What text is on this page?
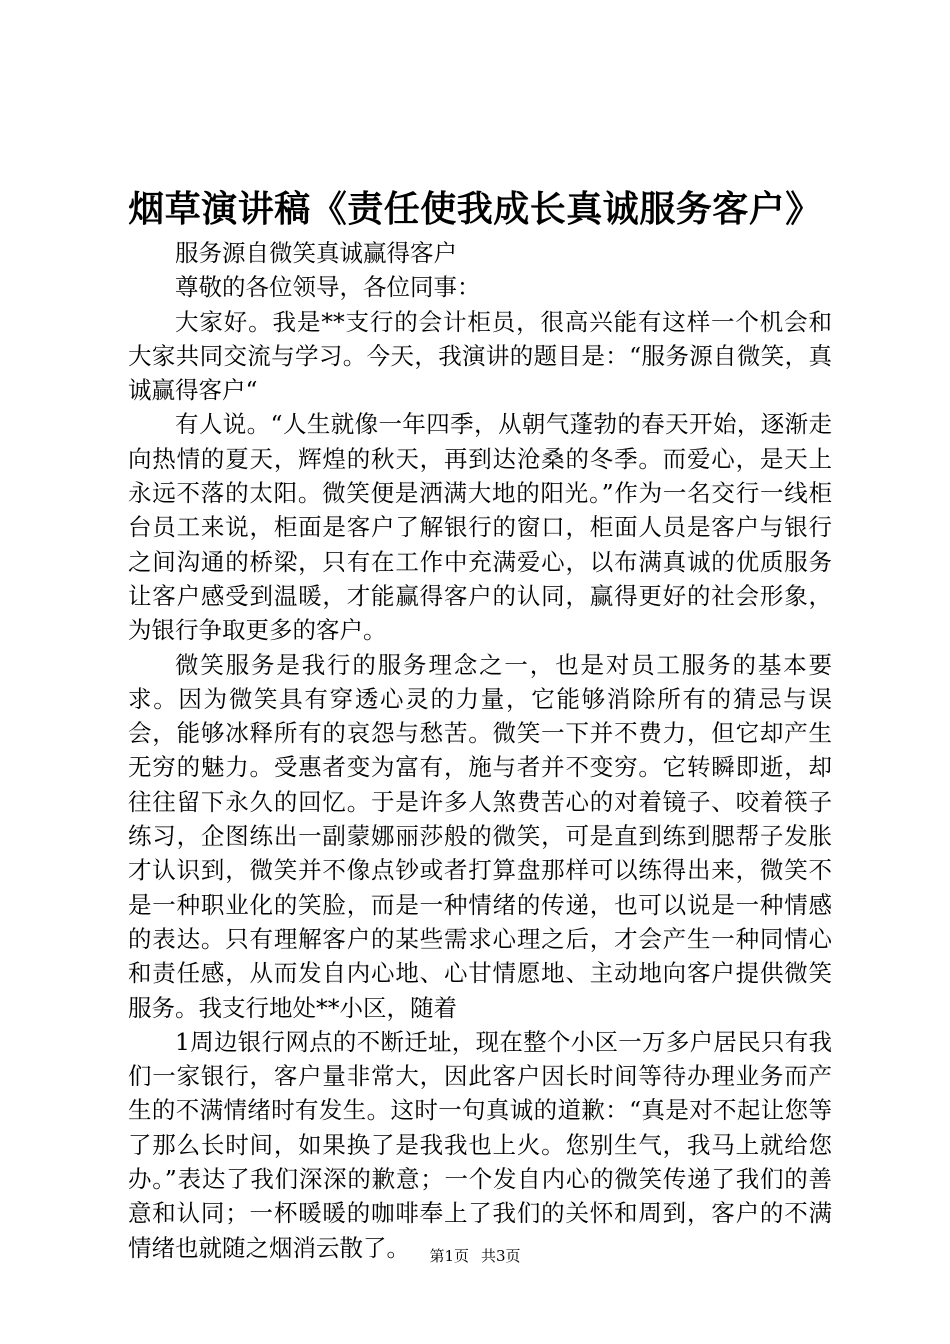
烟草演讲稿《责任使我成长真诚服务客户》

服务源自微笑真诚赢得客户

尊敬的各位领导，各位同事：

大家好。我是**支行的会计柜员，很高兴能有这样一个机会和大家共同交流与学习。今天，我演讲的题目是：“服务源自微笑，真诚赢得客户“

有人说。“人生就像一年四季，从朝气蓬勃的春天开始，逐渐走向热情的夏天，辉煌的秋天，再到达沧桑的冬季。而爱心，是天上永远不落的太阳。微笑便是洒满大地的阳光。”作为一名交行一线柜台员工来说，柜面是客户了解银行的窗口，柜面人员是客户与银行之间沟通的桥梁，只有在工作中充满爱心，以布满真诚的优质服务让客户感受到温暖，才能赢得客户的认同，赢得更好的社会形象，为银行争取更多的客户。

微笑服务是我行的服务理念之一，也是对员工服务的基本要求。因为微笑具有穿透心灵的力量，它能够消除所有的猜忌与误会，能够冰释所有的哀怨与愁苦。微笑一下并不费力，但它却产生无穷的魅力。受惠者变为富有，施与者并不变穷。它转瞬即逝，却往往留下永久的回忆。于是许多人煞费苦心的对着镜子、咬着筷子练习，企图练出一副蒙娜丽莎般的微笑，可是直到练到腮帮子发胀才认识到，微笑并不像点钞或者打算盘那样可以练得出来，微笑不是一种职业化的笑脸，而是一种情绪的传递，也可以说是一种情感的表达。只有理解客户的某些需求心理之后，才会产生一种同情心和责任感，从而发自内心地、心甘情愿地、主动地向客户提供微笑服务。我支行地处**小区，随着

1周边银行网点的不断迁址，现在整个小区一万多户居民只有我们一家银行，客户量非常大，因此客户因长时间等待办理业务而产生的不满情绪时有发生。这时一句真诚的道歉：“真是对不起让您等了那么长时间，如果换了是我我也上火。您别生气，我马上就给您办。”表达了我们深深的歉意；一个发自内心的微笑传递了我们的善意和认同；一杯暖暖的咖啡奉上了我们的关怀和周到，客户的不满情绪也就随之烟消云散了。	第1页 共3页
